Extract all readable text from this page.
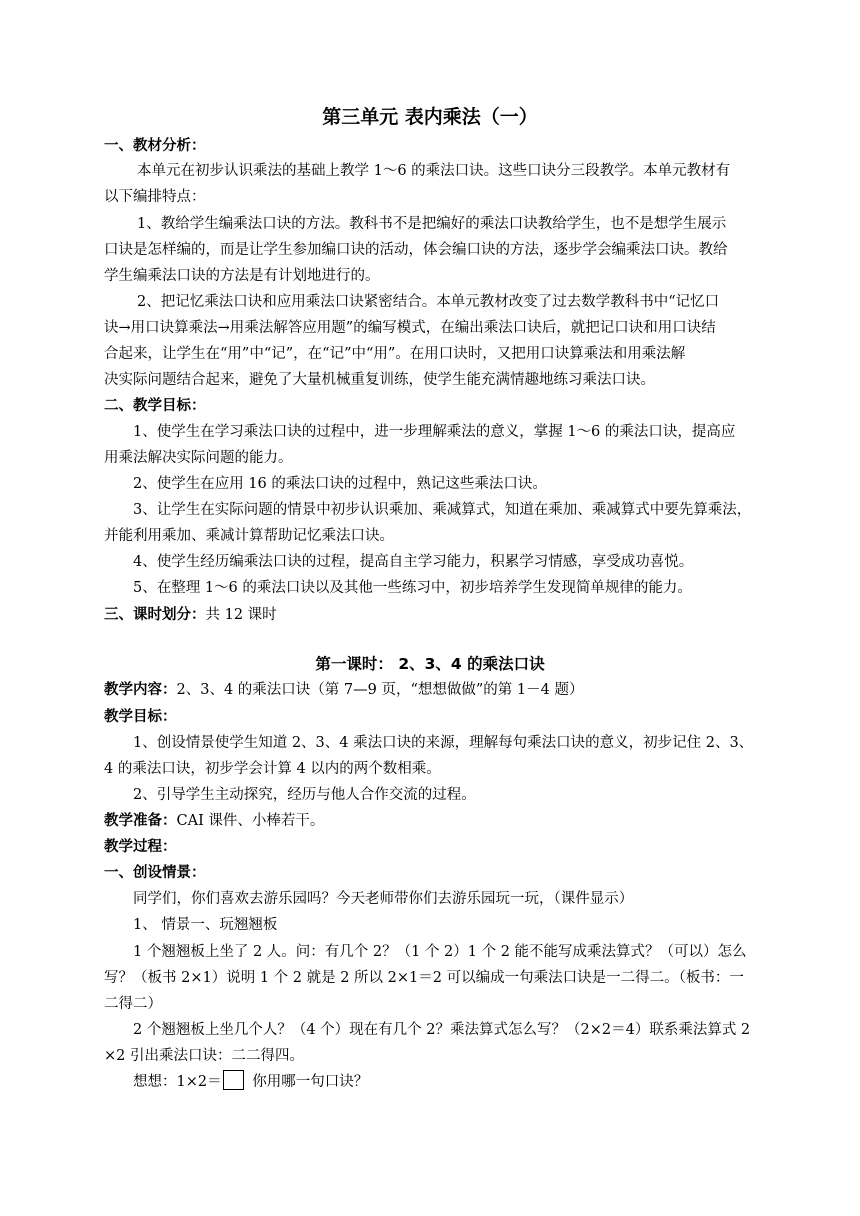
第三单元 表内乘法（一）
一、教材分析：
本单元在初步认识乘法的基础上教学 1～6 的乘法口诀。这些口诀分三段教学。本单元教材有
以下编排特点：
1、教给学生编乘法口诀的方法。教科书不是把编好的乘法口诀教给学生，也不是想学生展示
口诀是怎样编的，而是让学生参加编口诀的活动，体会编口诀的方法，逐步学会编乘法口诀。教给
学生编乘法口诀的方法是有计划地进行的。
2、把记忆乘法口诀和应用乘法口诀紧密结合。本单元教材改变了过去数学教科书中“记忆口
诀→用口诀算乘法→用乘法解答应用题”的编写模式，在编出乘法口诀后，就把记口诀和用口诀结
合起来，让学生在“用”中“记”，在“记”中“用”。在用口诀时，又把用口诀算乘法和用乘法解
决实际问题结合起来，避免了大量机械重复训练，使学生能充满情趣地练习乘法口诀。
二、教学目标：
1、使学生在学习乘法口诀的过程中，进一步理解乘法的意义，掌握 1～6 的乘法口诀，提高应
用乘法解决实际问题的能力。
2、使学生在应用 16 的乘法口诀的过程中，熟记这些乘法口诀。
3、让学生在实际问题的情景中初步认识乘加、乘减算式，知道在乘加、乘减算式中要先算乘法，
并能利用乘加、乘减计算帮助记忆乘法口诀。
4、使学生经历编乘法口诀的过程，提高自主学习能力，积累学习情感，享受成功喜悦。
5、在整理 1～6 的乘法口诀以及其他一些练习中，初步培养学生发现简单规律的能力。
三、课时划分：共 12 课时
第一课时： 2、3、4 的乘法口诀
教学内容：2、3、4 的乘法口诀（第 7—9 页，“想想做做”的第 1－4 题）
教学目标：
1、创设情景使学生知道 2、3、4 乘法口诀的来源，理解每句乘法口诀的意义，初步记住 2、3、
4 的乘法口诀，初步学会计算 4 以内的两个数相乘。
2、引导学生主动探究，经历与他人合作交流的过程。
教学准备：CAI 课件、小棒若干。
教学过程：
一、创设情景：
同学们，你们喜欢去游乐园吗？今天老师带你们去游乐园玩一玩，（课件显示）
1、 情景一、玩翘翘板
1 个翘翘板上坐了 2 人。问：有几个 2？（1 个 2）1 个 2 能不能写成乘法算式？（可以）怎么
写？（板书 2×1）说明 1 个 2 就是 2 所以 2×1＝2 可以编成一句乘法口诀是一二得二。（板书：一
二得二）
2 个翘翘板上坐几个人？（4 个）现在有几个 2？乘法算式怎么写？（2×2＝4）联系乘法算式 2
×2 引出乘法口诀：二二得四。
想想：1×2＝ 你用哪一句口诀？
